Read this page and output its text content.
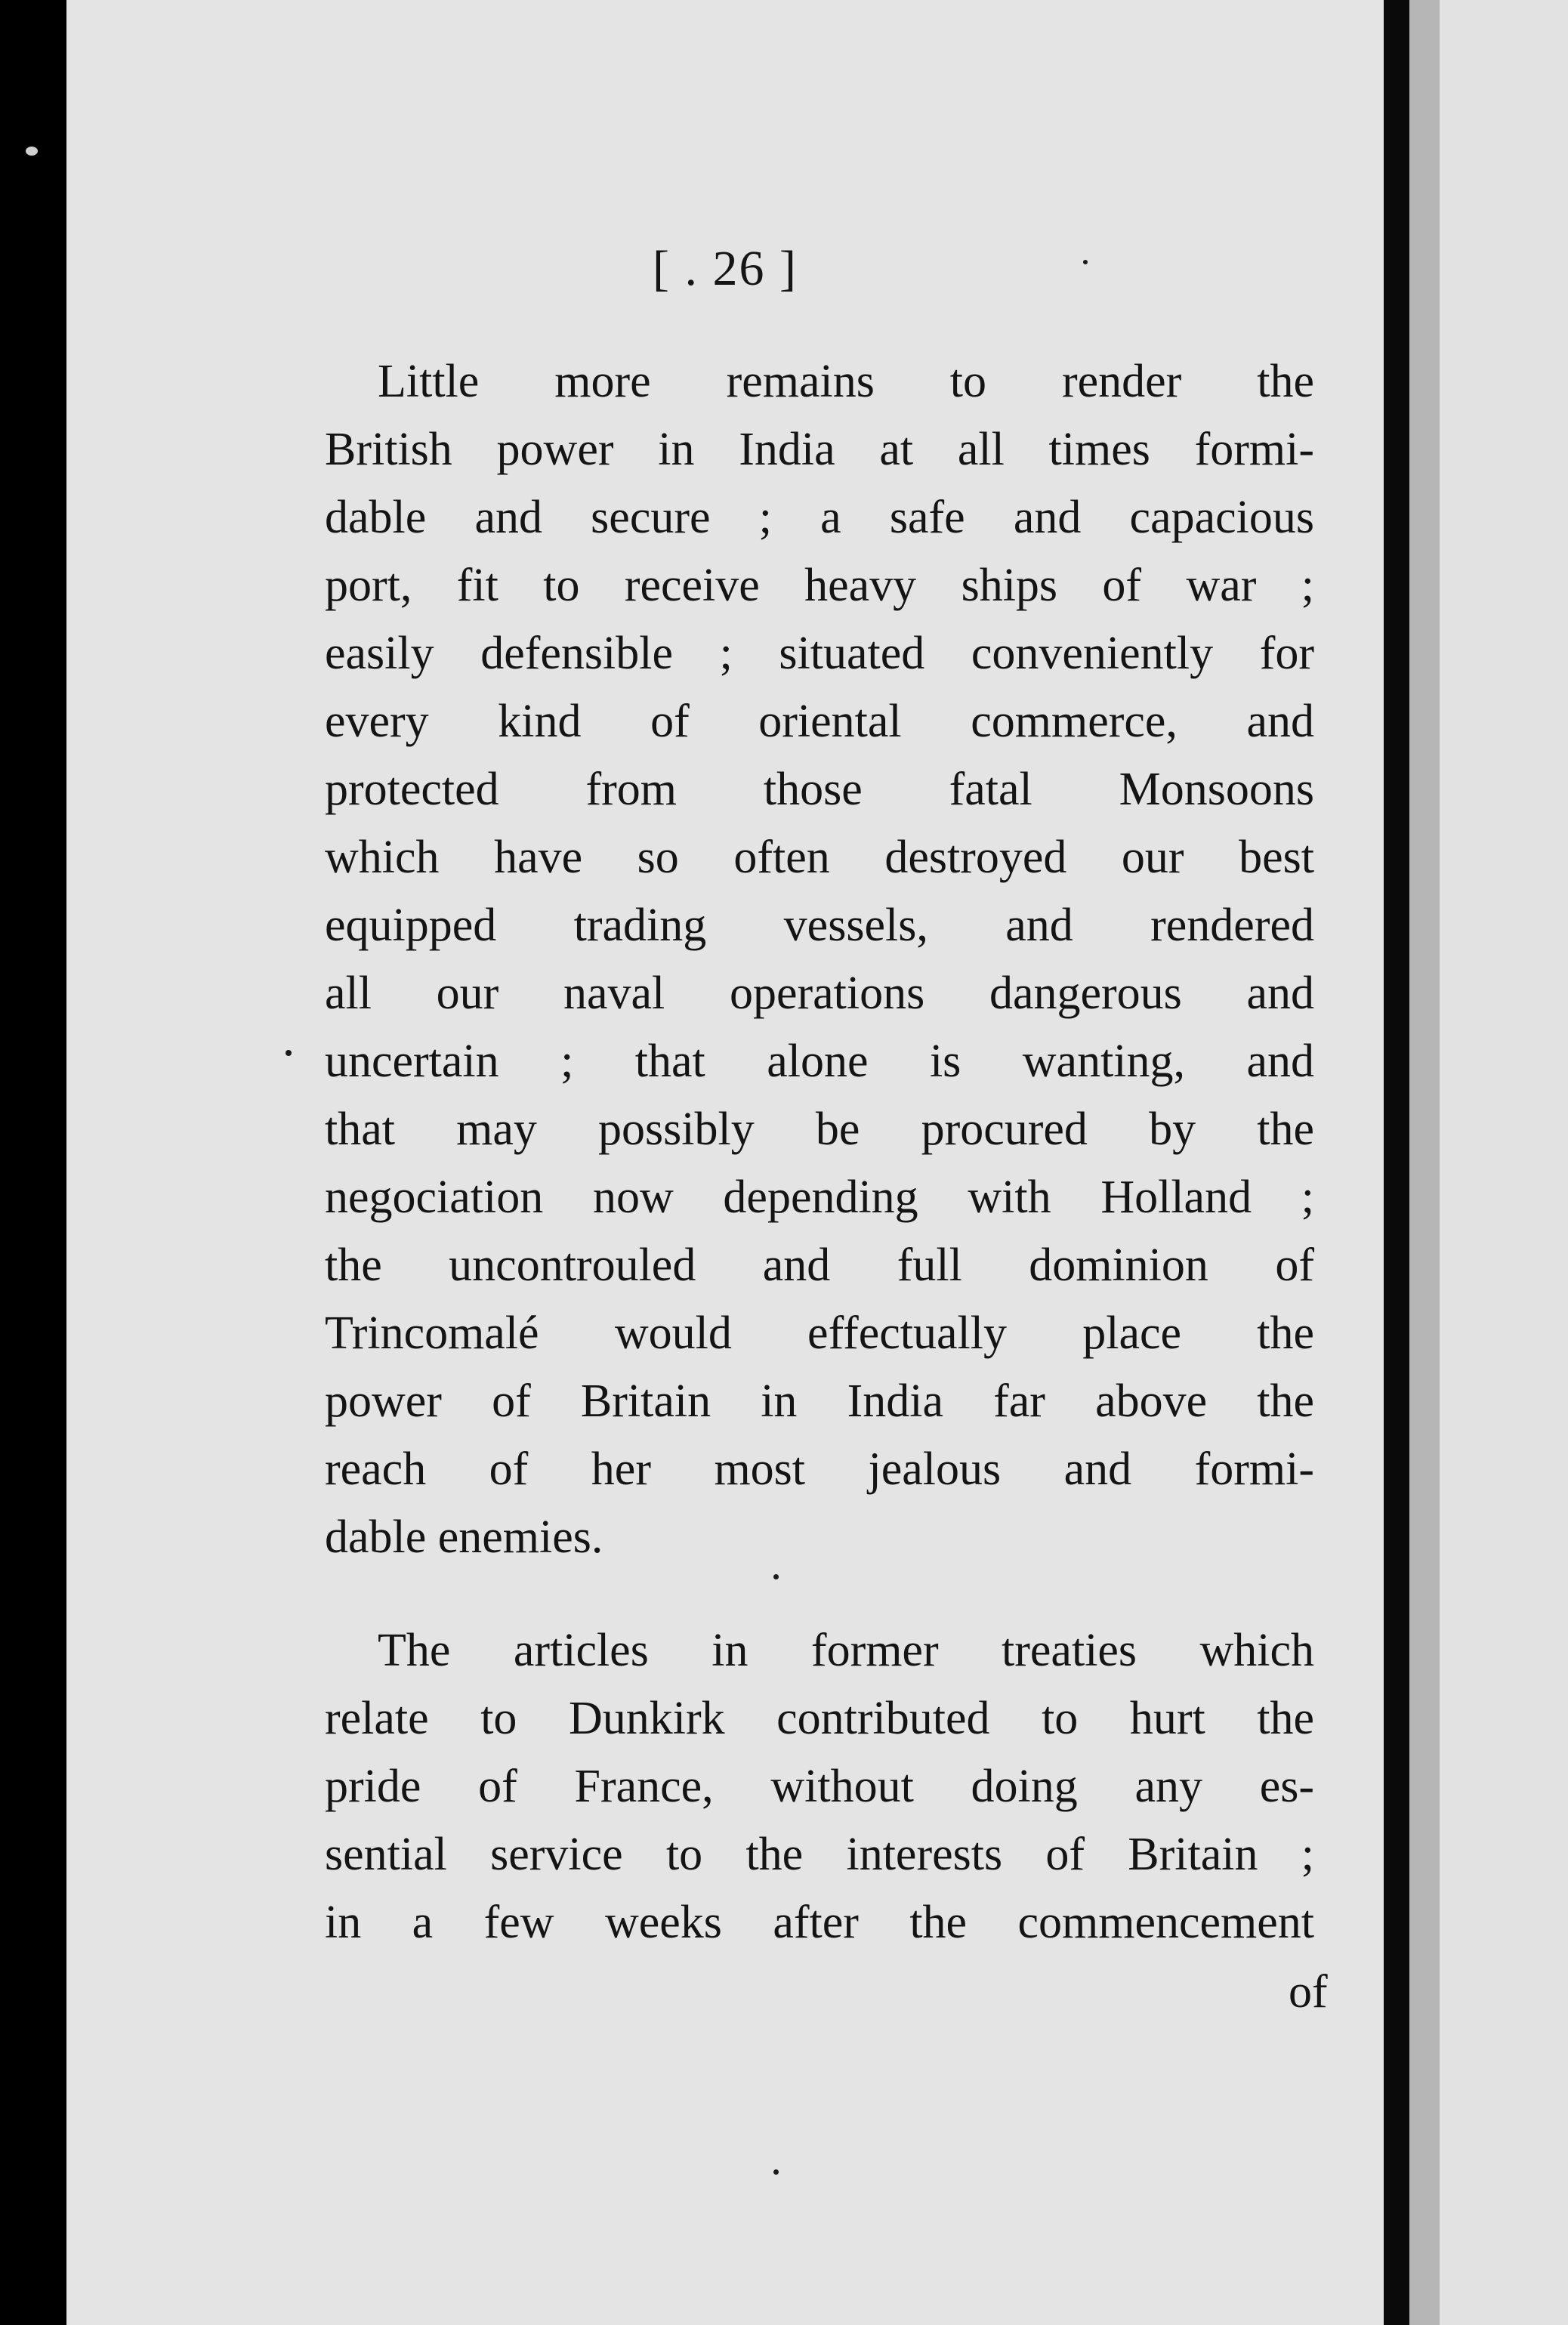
[ . 26 ]
Little more remains to render the
British power in India at all times formi-
dable and secure ; a safe and capacious
port, fit to receive heavy ships of war ;
easily defensible ; situated conveniently for
every kind of oriental commerce, and
protected from those fatal Monsoons
which have so often destroyed our best
equipped trading vessels, and rendered
all our naval operations dangerous and
uncertain ; that alone is wanting, and
that may possibly be procured by the
negociation now depending with Holland ;
the uncontrouled and full dominion of
Trincomalé would effectually place the
power of Britain in India far above the
reach of her most jealous and formi-
dable enemies.
The articles in former treaties which
relate to Dunkirk contributed to hurt the
pride of France, without doing any es-
sential service to the interests of Britain ;
in a few weeks after the commencement
of
